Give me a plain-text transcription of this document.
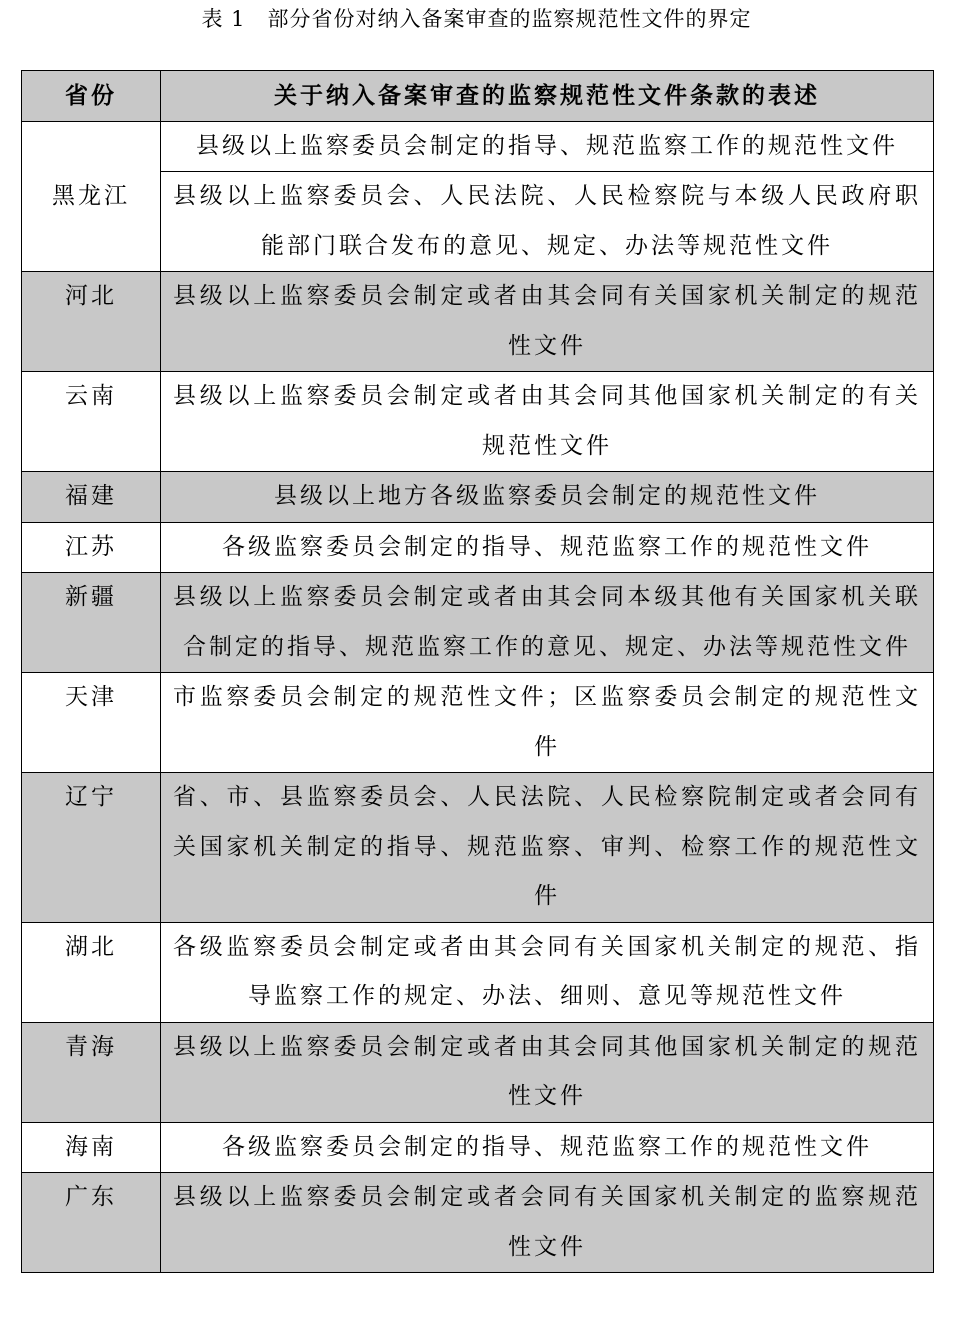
表 1 部分省份对纳入备案审查的监察规范性文件的界定
省份	关于纳入备案审查的监察规范性文件条款的表述
黑龙江	县级以上监察委员会制定的指导、规范监察工作的规范性文件
	县级以上监察委员会、人民法院、人民检察院与本级人民政府职能部门联合发布的意见、规定、办法等规范性文件
河北	县级以上监察委员会制定或者由其会同有关国家机关制定的规范性文件
云南	县级以上监察委员会制定或者由其会同其他国家机关制定的有关规范性文件
福建	县级以上地方各级监察委员会制定的规范性文件
江苏	各级监察委员会制定的指导、规范监察工作的规范性文件
新疆	县级以上监察委员会制定或者由其会同本级其他有关国家机关联合制定的指导、规范监察工作的意见、规定、办法等规范性文件
天津	市监察委员会制定的规范性文件；区监察委员会制定的规范性文件
辽宁	省、市、县监察委员会、人民法院、人民检察院制定或者会同有关国家机关制定的指导、规范监察、审判、检察工作的规范性文件
湖北	各级监察委员会制定或者由其会同有关国家机关制定的规范、指导监察工作的规定、办法、细则、意见等规范性文件
青海	县级以上监察委员会制定或者由其会同其他国家机关制定的规范性文件
海南	各级监察委员会制定的指导、规范监察工作的规范性文件
广东	县级以上监察委员会制定或者会同有关国家机关制定的监察规范性文件
